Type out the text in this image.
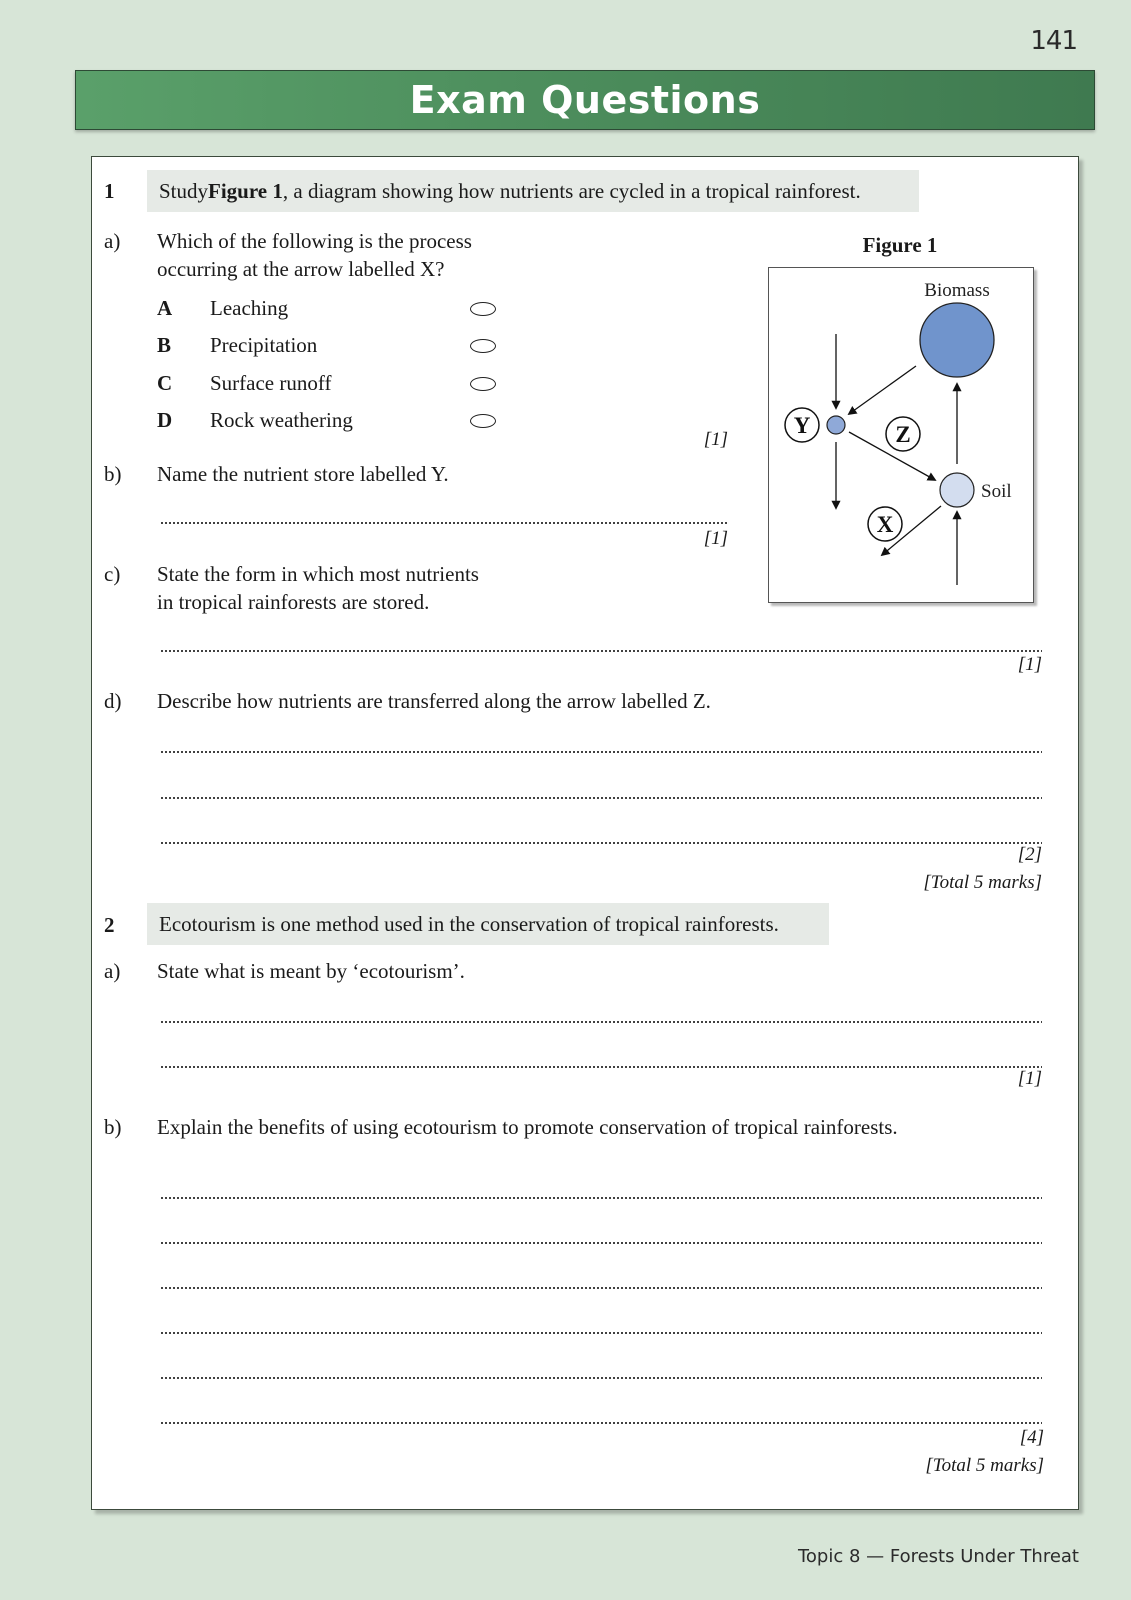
141
Exam Questions
1 Study Figure 1 , a diagram showing how nutrients are cycled in a tropical rainforest.
a) Which of the following is the process
occurring at the arrow labelled X?
A Leaching
B Precipitation
C Surface runoff
D Rock weathering
[1]
b) Name the nutrient store labelled Y.
[1]
Figure 1
Biomass
Soil
Y	Z
X
c) State the form in which most nutrients
in tropical rainforests are stored.
[1]
d) Describe how nutrients are transferred along the arrow labelled Z.
[2]
[Total 5 marks]
2	Ecotourism is one method used in the conservation of tropical rainforests.
a) State what is meant by ‘ecotourism’.
[1]
b) Explain the benefits of using ecotourism to promote conservation of tropical rainforests.
[4]
[Total 5 marks]
Topic 8 — Forests Under Threat
